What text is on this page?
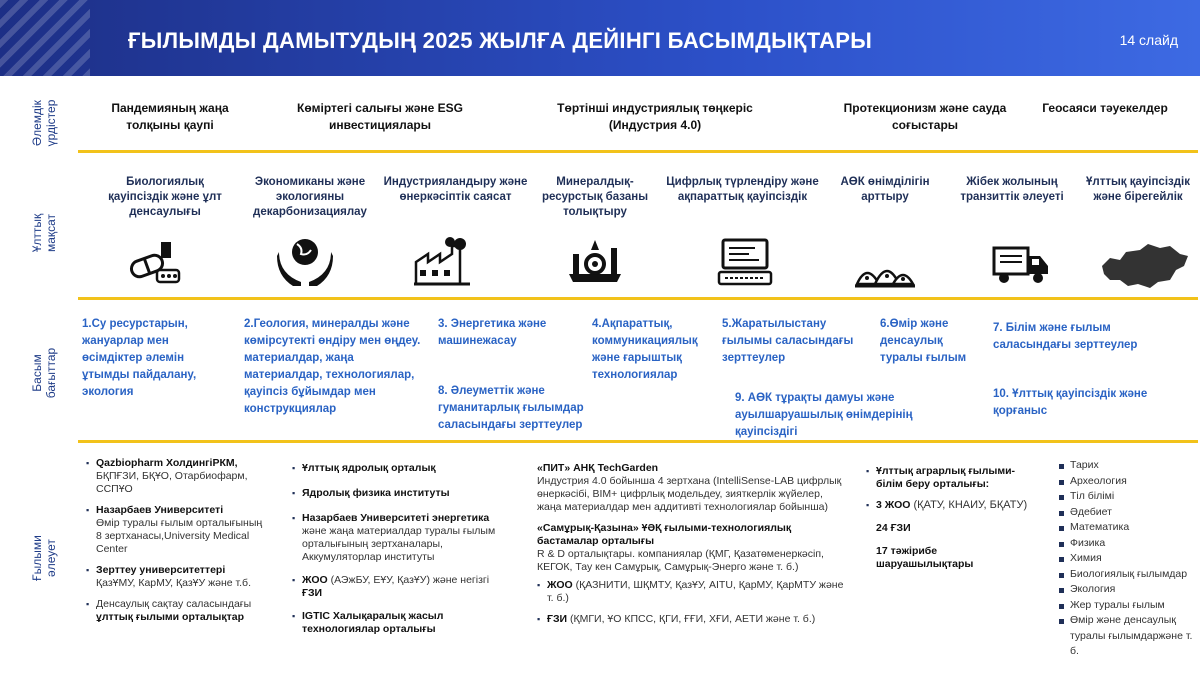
ҒЫЛЫМДЫ ДАМЫТУДЫҢ 2025 ЖЫЛҒА ДЕЙІНГІ БАСЫМДЫҚТАРЫ	14 слайд
Әлемдік үрдістер
Ұлттық мақсат
Басым бағыттар
Ғылыми әлеует
Пандемияның жаңа толқыны қаупі
Көміртегі салығы және ESG инвестициялары
Төртінші индустриялық төңкеріс (Индустрия 4.0)
Протекционизм және сауда соғыстары
Геосаяси тәуекелдер
Биологиялық қауіпсіздік және ұлт денсаулығы
Экономиканы және экологияны декарбонизациялау
Индустрияландыру және өнеркәсіптік саясат
Минералдық-ресурстық базаны толықтыру
Цифрлық түрлендіру және ақпараттық қауіпсіздік
АӨК өнімділігін арттыру
Жібек жолының транзиттік әлеуеті
Ұлттық қауіпсіздік және бірегейлік
1.Су ресурстарын, жануарлар мен өсімдіктер әлемін ұтымды пайдалану, экология
2.Геология, минералды және көмірсутекті өндіру мен өңдеу. материалдар, жаңа материалдар, технологиялар, қауіпсіз бұйымдар мен конструкциялар
3. Энергетика және машинежасау
8. Әлеуметтік және гуманитарлық ғылымдар саласындағы зерттеулер
4.Ақпараттық, коммуникациялық және ғарыштық технологиялар
5.Жаратылыстану ғылымы саласындағы зерттеулер
9. АӨК тұрақты дамуы және ауылшаруашылық өнімдерінің қауіпсіздігі
6.Өмір және денсаулық туралы ғылым
7. Білім және ғылым саласындағы зерттеулер
10. Ұлттық қауіпсіздік және қорғаныс
▪ Qazbiopharm ХолдингіРКМ,
БҚПҒЗИ, БҚҰО, Отарбиофарм, ССПҰО
▪ Назарбаев Университеті
Өмір туралы ғылым орталығының 8 зертханасы,University Medical Center
▪ Зерттеу университеттері
ҚазҰМУ, КарМУ, ҚазҰУ және т.б.
▪ Денсаулық сақтау саласындағы
ұлттық ғылыми орталықтар
▪ Ұлттық ядролық орталық
▪ Ядролық физика институты
▪ Назарбаев Университеті энергетика
және жаңа материалдар туралы ғылым орталығының зертханалары, Аккумуляторлар институты
▪ ЖОО (АЭжБУ, ЕҰУ, ҚазҰУ) және негізгі
ҒЗИ
▪ IGTIC Халықаралық жасыл технологиялар орталығы
«ПИТ» АНҚ TechGarden
Индустрия 4.0 бойынша 4 зертхана (IntelliSense-LAB цифрлық өнеркәсібі, BIM+ цифрлық модельдеу, зияткерлік жүйелер, жаңа материалдар мен аддитивті технологиялар бойынша)
«Самұрық-Қазына» ҰӘҚ ғылыми-технологиялық бастамалар орталығы
R & D орталықтары. компаниялар (ҚМГ, Қазатөменеркәсіп, КЕГОК, Тау кен Самұрық, Самұрық-Энерго және т. б.)
▪ ЖОО (ҚАЗНИТИ, ШҚМТУ, ҚазҰУ, AITU, ҚарМУ, ҚарМТУ және т. б.)
▪ ҒЗИ (ҚМГИ, ҰО КПСС, ҚГИ, ҒҒИ, ХҒИ, АЕТИ және т. б.)
▪ Ұлттық аграрлық ғылыми-білім беру орталығы:
▪ 3 ЖОО (ҚАТУ, КНАИУ, БҚАТУ)
24 ҒЗИ
17 тәжірибе шаруашылықтары
Тарих
Археология
Тіл білімі
Әдебиет
Математика
Физика
Химия
Биологиялық ғылымдар
Экология
Жер туралы ғылым
Өмір және денсаулық туралы ғылымдаржәне т. б.
